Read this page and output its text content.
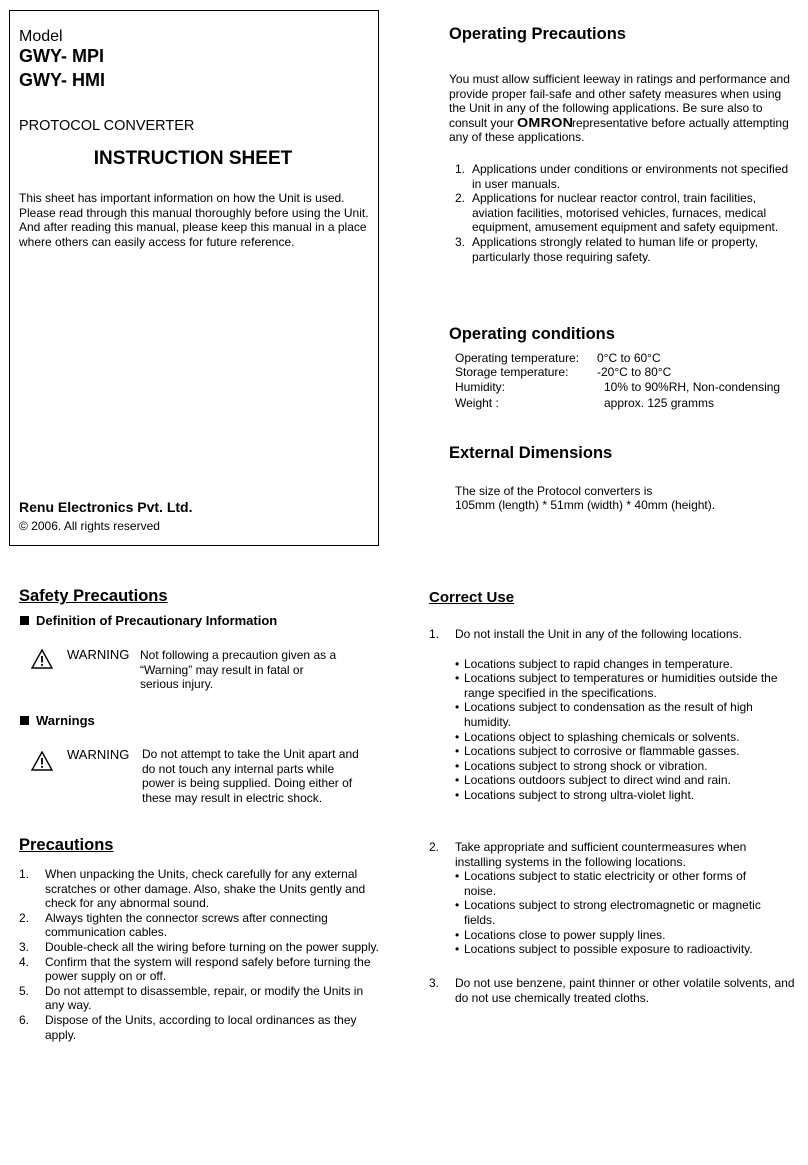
Model
GWY- MPI
GWY- HMI
PROTOCOL CONVERTER
INSTRUCTION SHEET
This sheet has important information on how the Unit is used. Please read through this manual thoroughly before using the Unit. And after reading this manual, please keep this manual in a place where others can easily access for future reference.
Renu Electronics Pvt. Ltd.
© 2006. All rights reserved
Operating Precautions
You must allow sufficient leeway in ratings and performance and provide proper fail-safe and other safety measures when using the Unit in any of the following applications. Be sure also to consult your OMRONrepresentative before actually attempting any of these applications.
1. Applications under conditions or environments not specified in user manuals.
2. Applications for nuclear reactor control, train facilities, aviation facilities, motorised vehicles, furnaces, medical equipment, amusement equipment and safety equipment.
3. Applications strongly related to human life or property, particularly those requiring safety.
Operating conditions
Operating temperature: 0°C to 60°C
Storage temperature: -20°C to 80°C
Humidity:	10% to 90%RH, Non-condensing
Weight :	approx. 125 gramms
External Dimensions
The size of the Protocol converters is
105mm (length) * 51mm (width) * 40mm (height).
Safety Precautions
Definition of Precautionary Information
WARNING Not following a precaution given as a “Warning” may result in fatal or serious injury.
Warnings
WARNING Do not attempt to take the Unit apart and do not touch any internal parts while power is being supplied. Doing either of these may result in electric shock.
Precautions
1. When unpacking the Units, check carefully for any external scratches or other damage. Also, shake the Units gently and check for any abnormal sound.
2. Always tighten the connector screws after connecting communication cables.
3. Double-check all the wiring before turning on the power supply.
4. Confirm that the system will respond safely before turning the power supply on or off.
5. Do not attempt to disassemble, repair, or modify the Units in any way.
6. Dispose of the Units, according to local ordinances as they apply.
Correct Use
1. Do not install the Unit in any of the following locations.
• Locations subject to rapid changes in temperature.
• Locations subject to temperatures or humidities outside the range specified in the specifications.
• Locations subject to condensation as the result of high humidity.
• Locations object to splashing chemicals or solvents.
• Locations subject to corrosive or flammable gasses.
• Locations subject to strong shock or vibration.
• Locations outdoors subject to direct wind and rain.
• Locations subject to strong ultra-violet light.
2. Take appropriate and sufficient countermeasures when installing systems in the following locations.
• Locations subject to static electricity or other forms of noise.
• Locations subject to strong electromagnetic or magnetic fields.
• Locations close to power supply lines.
• Locations subject to possible exposure to radioactivity.
3. Do not use benzene, paint thinner or other volatile solvents, and do not use chemically treated cloths.
